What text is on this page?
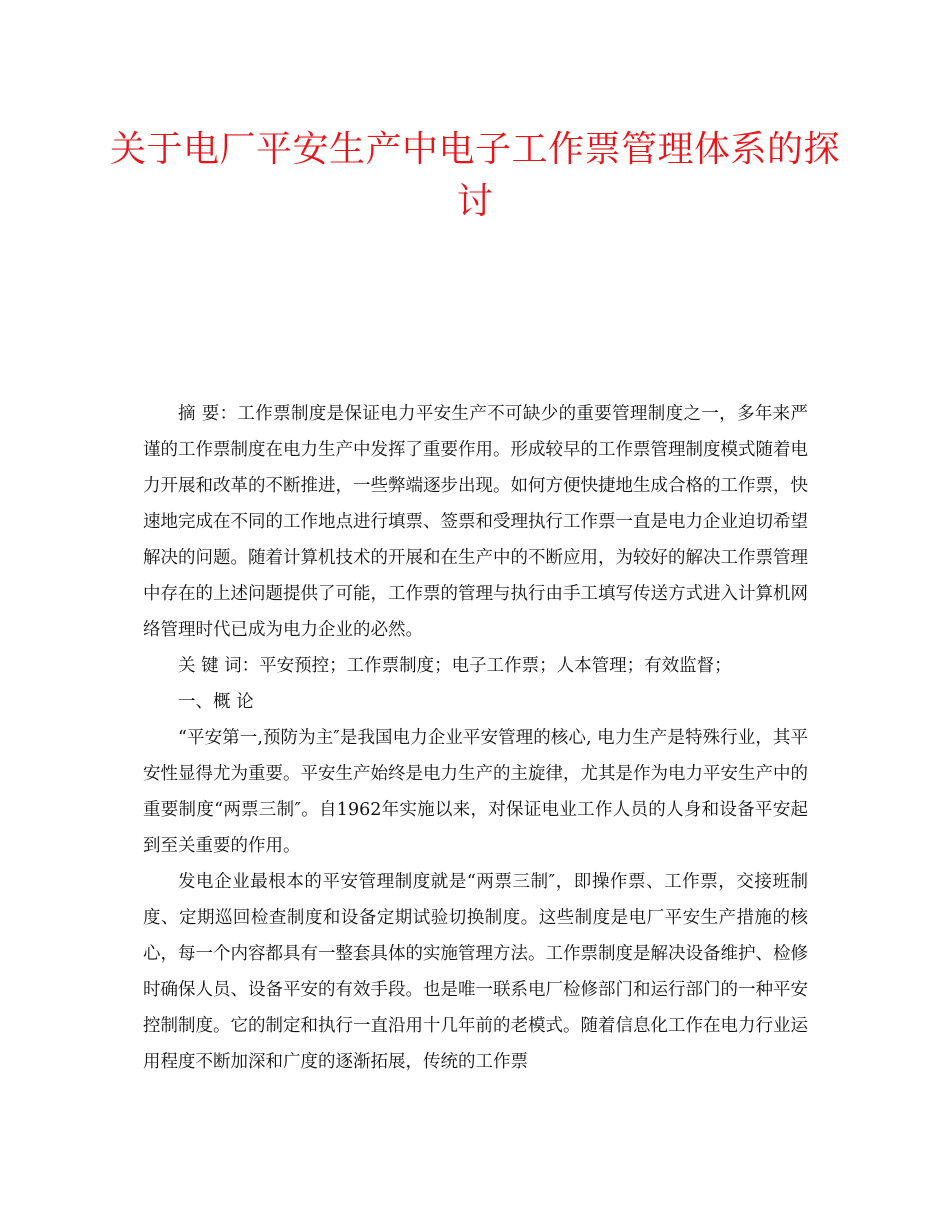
关于电厂平安生产中电子工作票管理体系的探讨

摘 要：工作票制度是保证电力平安生产不可缺少的重要管理制度之一，多年来严谨的工作票制度在电力生产中发挥了重要作用。形成较早的工作票管理制度模式随着电力开展和改革的不断推进，一些弊端逐步出现。如何方便快捷地生成合格的工作票，快速地完成在不同的工作地点进行填票、签票和受理执行工作票一直是电力企业迫切希望解决的问题。随着计算机技术的开展和在生产中的不断应用，为较好的解决工作票管理中存在的上述问题提供了可能，工作票的管理与执行由手工填写传送方式进入计算机网络管理时代已成为电力企业的必然。

关 键 词：平安预控；工作票制度；电子工作票；人本管理；有效监督；

一、概 论

“平安第一,预防为主″是我国电力企业平安管理的核心, 电力生产是特殊行业，其平安性显得尤为重要。平安生产始终是电力生产的主旋律，尤其是作为电力平安生产中的重要制度“两票三制″。自1962年实施以来，对保证电业工作人员的人身和设备平安起到至关重要的作用。

发电企业最根本的平安管理制度就是“两票三制″，即操作票、工作票，交接班制度、定期巡回检查制度和设备定期试验切换制度。这些制度是电厂平安生产措施的核心，每一个内容都具有一整套具体的实施管理方法。工作票制度是解决设备维护、检修时确保人员、设备平安的有效手段。也是唯一联系电厂检修部门和运行部门的一种平安控制制度。它的制定和执行一直沿用十几年前的老模式。随着信息化工作在电力行业运用程度不断加深和广度的逐渐拓展，传统的工作票
